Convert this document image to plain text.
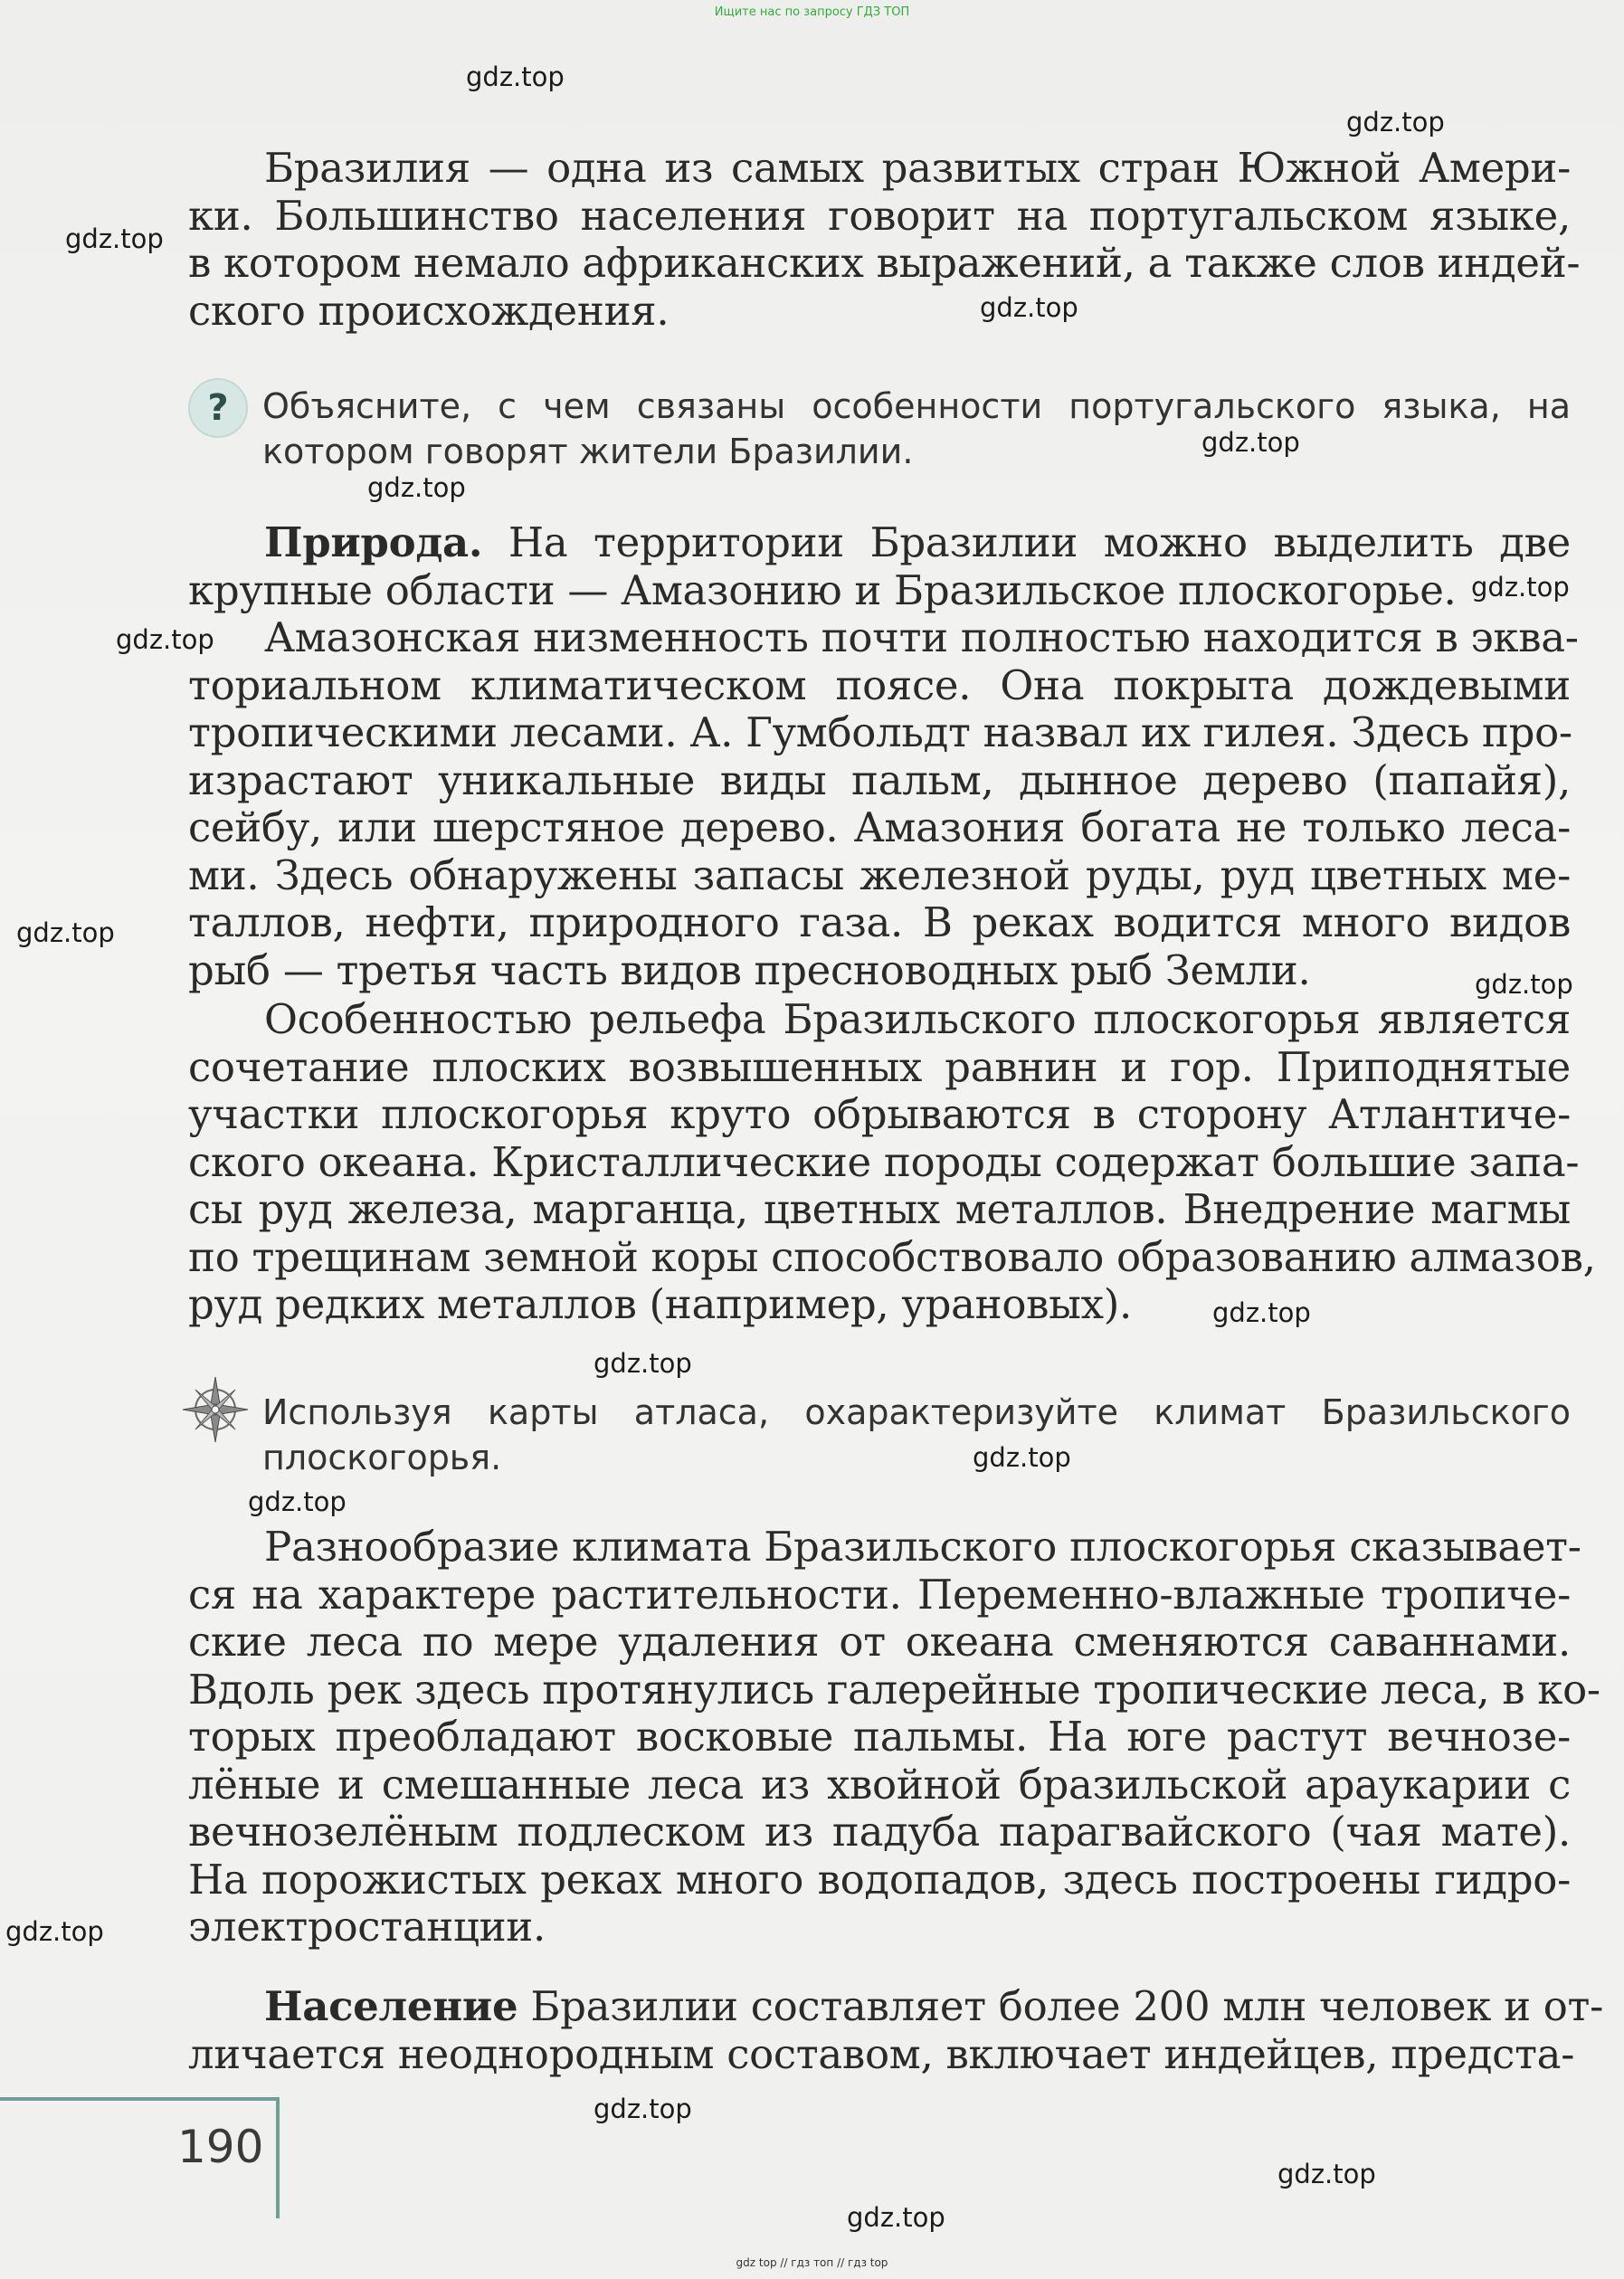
Ищите нас по запросу ГДЗ ТОП
Бразилия — одна из самых развитых стран Южной Амери-
ки. Большинство населения говорит на португальском языке,
в котором немало африканских выражений, а также слов индей-
ского происхождения.
? Объясните, с чем связаны особенности португальского языка, на
котором говорят жители Бразилии.
Природа. На территории Бразилии можно выделить две
крупные области — Амазонию и Бразильское плоскогорье.
Амазонская низменность почти полностью находится в эква-
ториальном климатическом поясе. Она покрыта дождевыми
тропическими лесами. А. Гумбольдт назвал их гилея. Здесь про-
израстают уникальные виды пальм, дынное дерево (папайя),
сейбу, или шерстяное дерево. Амазония богата не только леса-
ми. Здесь обнаружены запасы железной руды, руд цветных ме-
таллов, нефти, природного газа. В реках водится много видов
рыб — третья часть видов пресноводных рыб Земли.
Особенностью рельефа Бразильского плоскогорья является
сочетание плоских возвышенных равнин и гор. Приподнятые
участки плоскогорья круто обрываются в сторону Атлантиче-
ского океана. Кристаллические породы содержат большие запа-
сы руд железа, марганца, цветных металлов. Внедрение магмы
по трещинам земной коры способствовало образованию алмазов,
руд редких металлов (например, урановых).
Используя карты атласа, охарактеризуйте климат Бразильского
плоскогорья.
Разнообразие климата Бразильского плоскогорья сказывает-
ся на характере растительности. Переменно-влажные тропиче-
ские леса по мере удаления от океана сменяются саваннами.
Вдоль рек здесь протянулись галерейные тропические леса, в ко-
торых преобладают восковые пальмы. На юге растут вечнозе-
лёные и смешанные леса из хвойной бразильской араукарии с
вечнозелёным подлеском из падуба парагвайского (чая мате).
На порожистых реках много водопадов, здесь построены гидро-
электростанции.
Население Бразилии составляет более 200 млн человек и от-
личается неоднородным составом, включает индейцев, предста-
190
gdz.top
gdz.top
gdz.top
gdz.top
gdz.top
gdz.top
gdz.top
gdz.top
gdz.top
gdz.top
gdz.top
gdz.top
gdz.top
gdz.top
gdz.top
gdz.top
gdz.top
gdz.top
gdz top // гдз топ // гдз top
